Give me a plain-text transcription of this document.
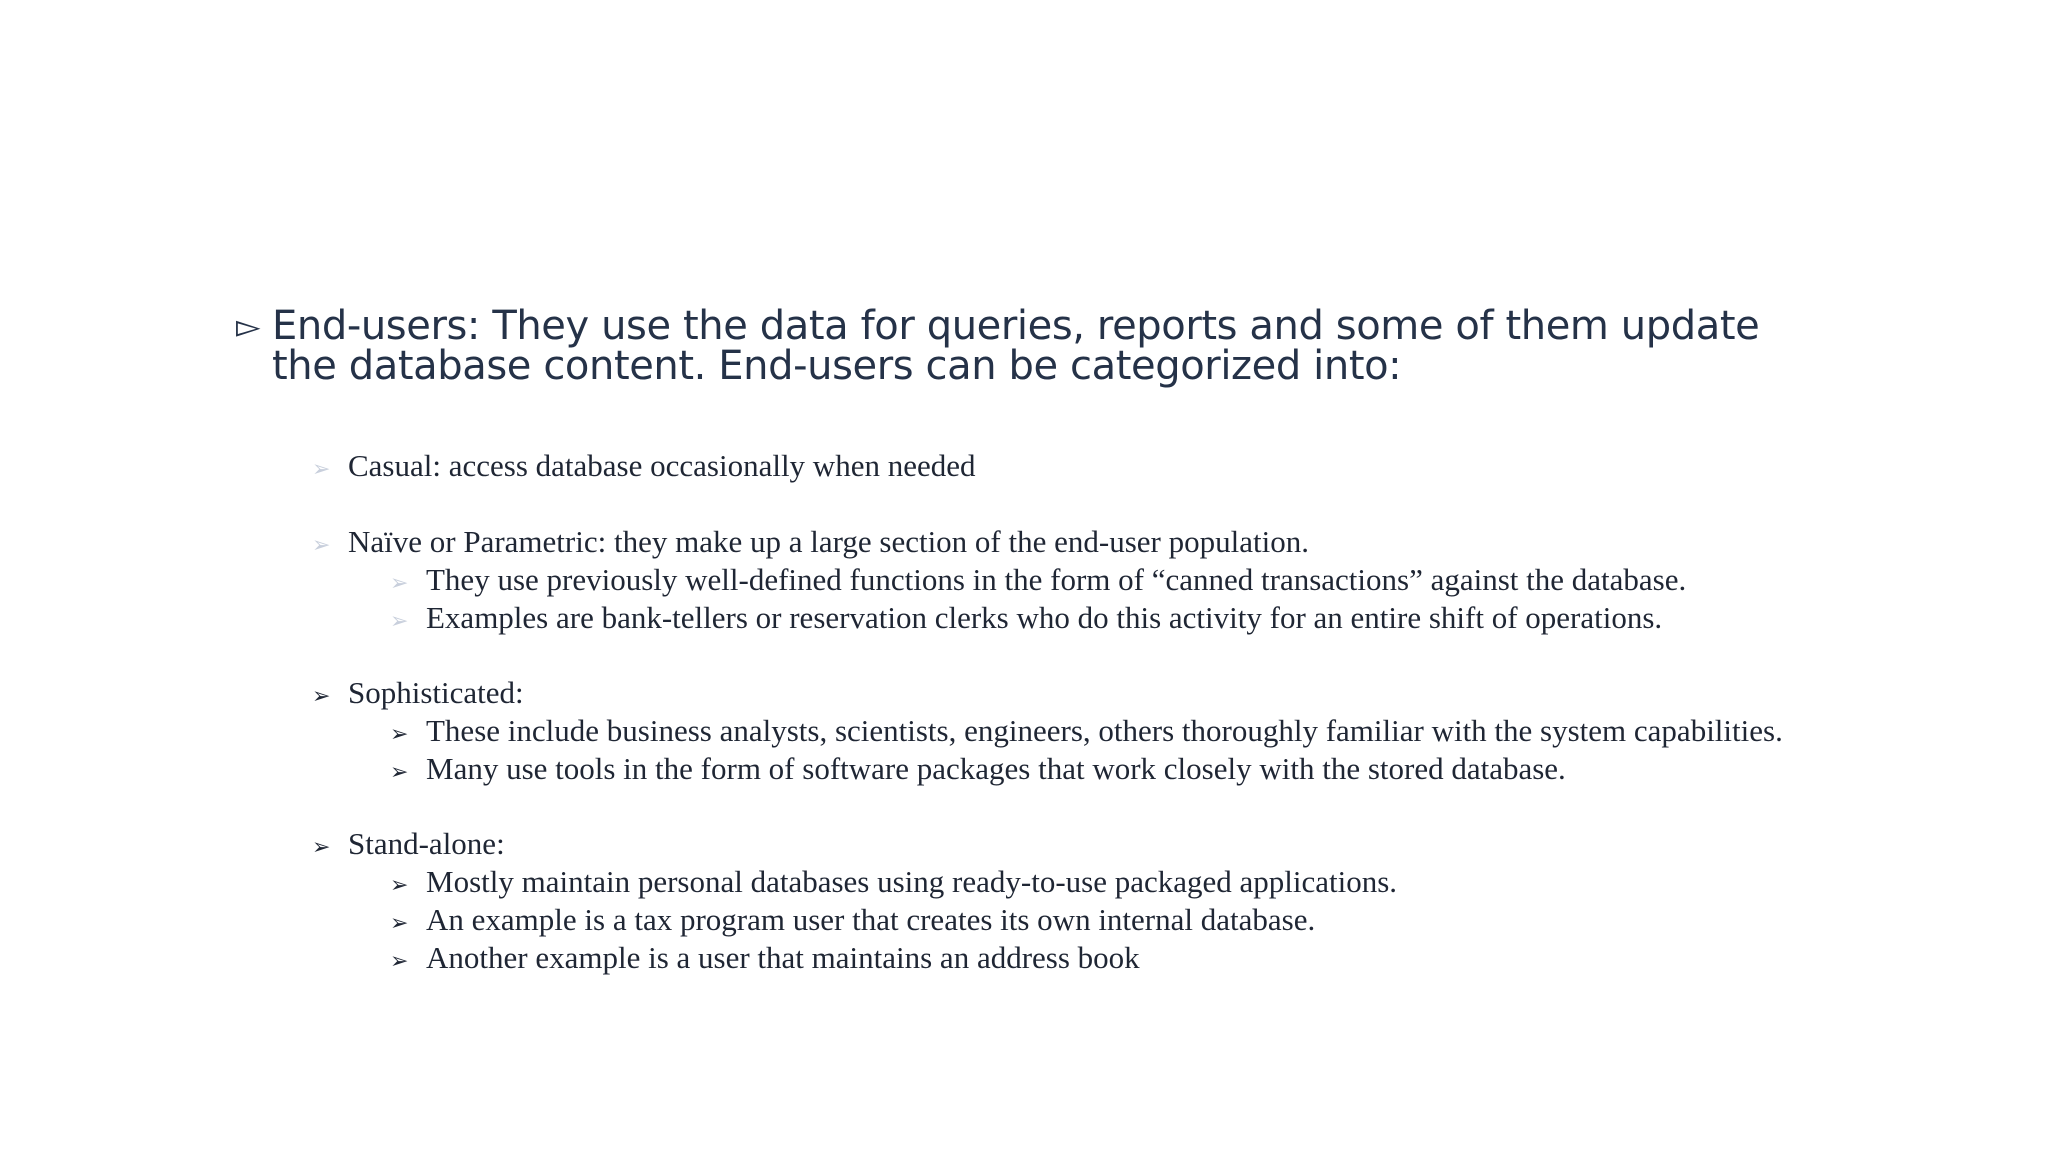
▻ End-users: They use the data for queries, reports and some of them update the database content. End-users can be categorized into:
➢ Casual: access database occasionally when needed
➢ Naïve or Parametric: they make up a large section of the end-user population.
➢ They use previously well-defined functions in the form of “canned transactions” against the database.
➢ Examples are bank-tellers or reservation clerks who do this activity for an entire shift of operations.
➢ Sophisticated:
➢ These include business analysts, scientists, engineers, others thoroughly familiar with the system capabilities.
➢ Many use tools in the form of software packages that work closely with the stored database.
➢ Stand-alone:
➢ Mostly maintain personal databases using ready-to-use packaged applications.
➢ An example is a tax program user that creates its own internal database.
➢ Another example is a user that maintains an address book
